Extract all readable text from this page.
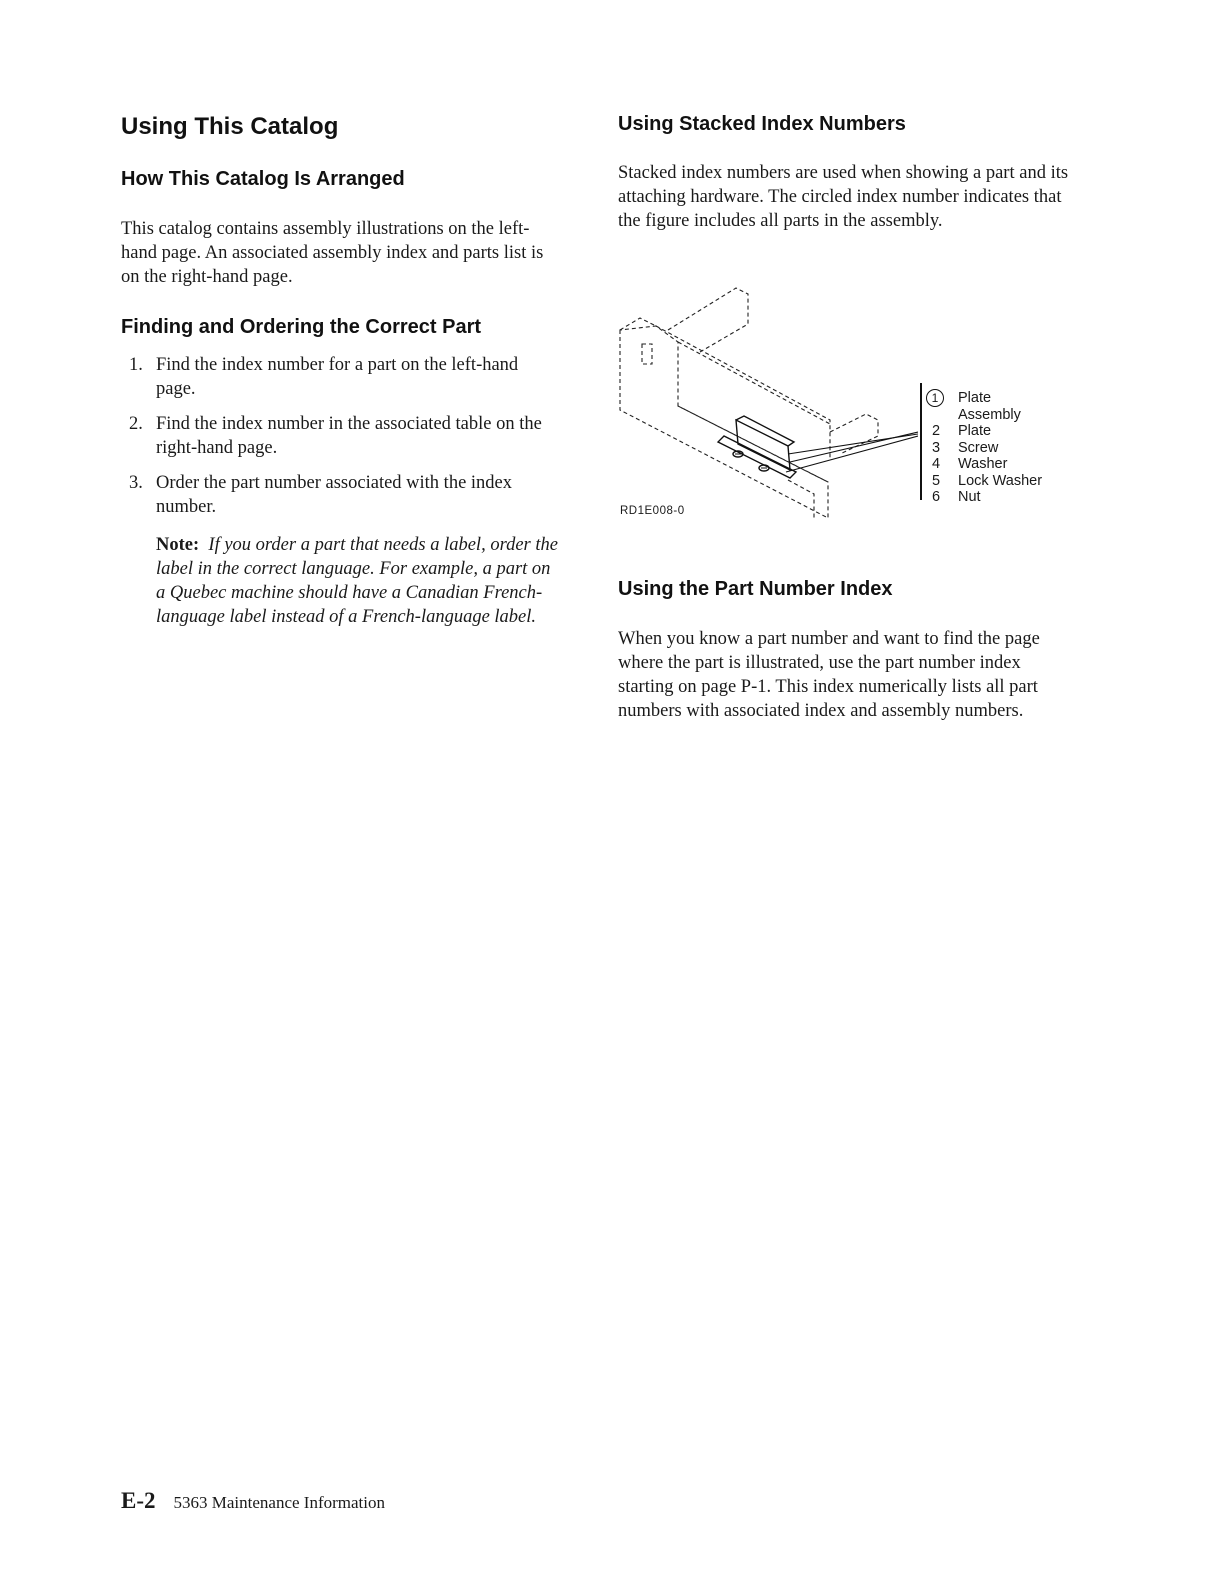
Using This Catalog
How This Catalog Is Arranged

This catalog contains assembly illustrations on the left-hand page. An associated assembly index and parts list is on the right-hand page.

Finding and Ordering the Correct Part
1. Find the index number for a part on the left-hand page.
2. Find the index number in the associated table on the right-hand page.
3. Order the part number associated with the index number.
Note: If you order a part that needs a label, order the label in the correct language. For example, a part on a Quebec machine should have a Canadian French-language label instead of a French-language label.
Using Stacked Index Numbers

Stacked index numbers are used when showing a part and its attaching hardware. The circled index number indicates that the figure includes all parts in the assembly.

RD1E008-0
1	Plate
Assembly
2 Plate
3 Screw
4 Washer
5 Lock Washer
6 Nut
Using the Part Number Index

When you know a part number and want to find the page where the part is illustrated, use the part number index starting on page P-1. This index numerically lists all part numbers with associated index and assembly numbers.

E-2 5363 Maintenance Information
